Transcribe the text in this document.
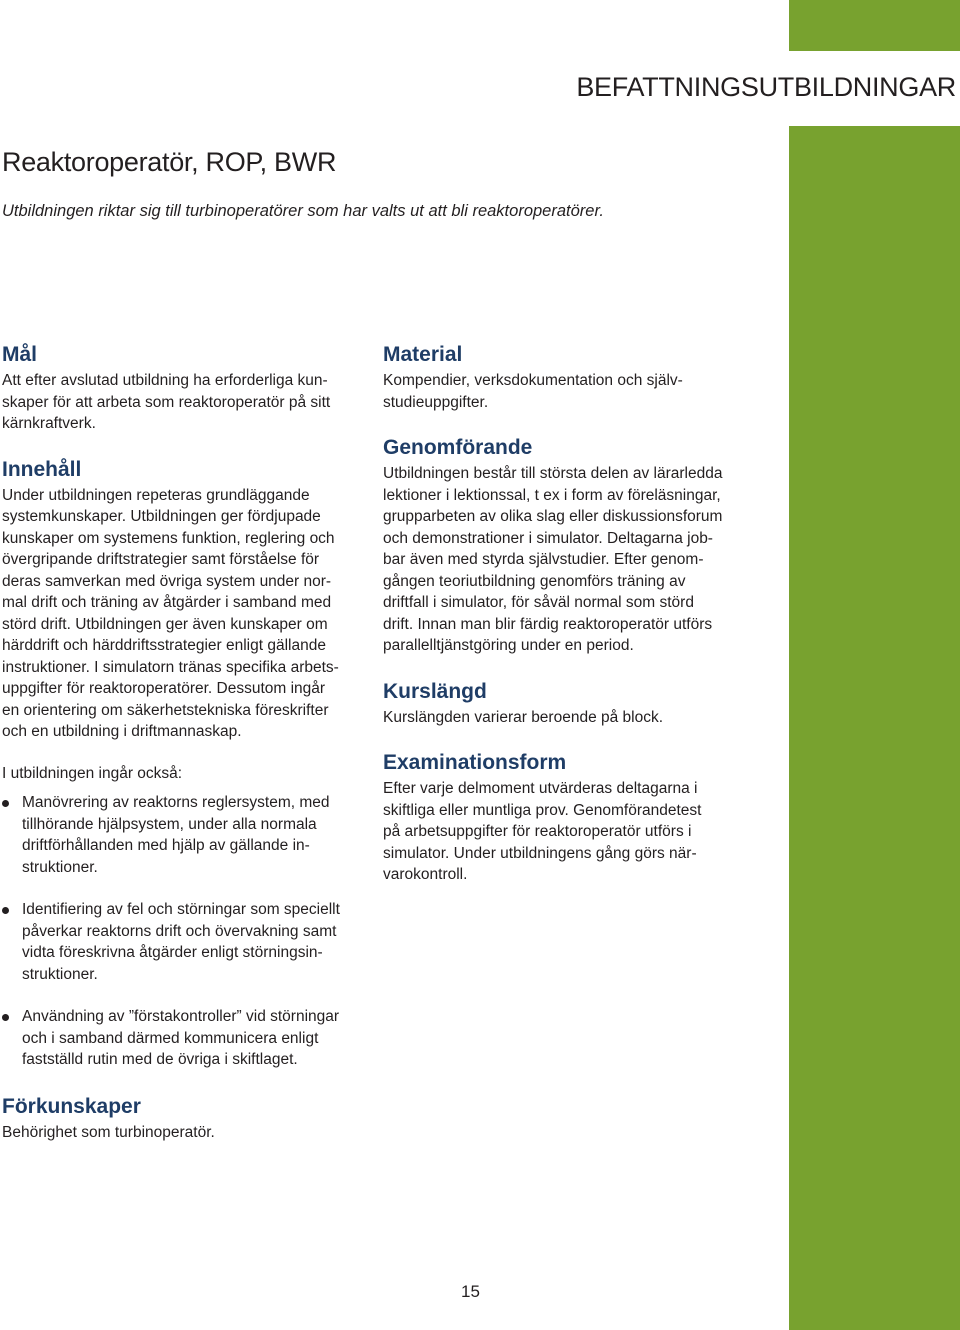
BEFATTNINGSUTBILDNINGAR
Reaktoroperatör, ROP, BWR

Utbildningen riktar sig till turbinoperatörer som har valts ut att bli reaktoroperatörer.

Mål

Att efter avslutad utbildning ha erforderliga kun-
skaper för att arbeta som reaktoroperatör på sitt
kärnkraftverk.

Innehåll

Under utbildningen repeteras grundläggande
systemkunskaper. Utbildningen ger fördjupade
kunskaper om systemens funktion, reglering och
övergripande driftstrategier samt förståelse för
deras samverkan med övriga system under nor-
mal drift och träning av åtgärder i samband med
störd drift. Utbildningen ger även kunskaper om
härddrift och härddriftsstrategier enligt gällande
instruktioner. I simulatorn tränas specifika arbets-
uppgifter för reaktoroperatörer. Dessutom ingår
en orientering om säkerhetstekniska föreskrifter
och en utbildning i driftmannaskap.

I utbildningen ingår också:

Manövrering av reaktorns reglersystem, med
tillhörande hjälpsystem, under alla normala
driftförhållanden med hjälp av gällande in-
struktioner.
Identifiering av fel och störningar som speciellt
påverkar reaktorns drift och övervakning samt
vidta föreskrivna åtgärder enligt störningsin-
struktioner.
Användning av ”förstakontroller” vid störningar
och i samband därmed kommunicera enligt
fastställd rutin med de övriga i skiftlaget.
Förkunskaper

Behörighet som turbinoperatör.

Material

Kompendier, verksdokumentation och själv-
studieuppgifter.

Genomförande

Utbildningen består till största delen av lärarledda
lektioner i lektionssal, t ex i form av föreläsningar,
grupparbeten av olika slag eller diskussionsforum
och demonstrationer i simulator. Deltagarna job-
bar även med styrda självstudier. Efter genom-
gången teoriutbildning genomförs träning av
driftfall i simulator, för såväl normal som störd
drift. Innan man blir färdig reaktoroperatör utförs
parallelltjänstgöring under en period.

Kurslängd

Kurslängden varierar beroende på block.

Examinationsform

Efter varje delmoment utvärderas deltagarna i
skiftliga eller muntliga prov. Genomförandetest
på arbetsuppgifter för reaktoroperatör utförs i
simulator. Under utbildningens gång görs när-
varokontroll.

15
